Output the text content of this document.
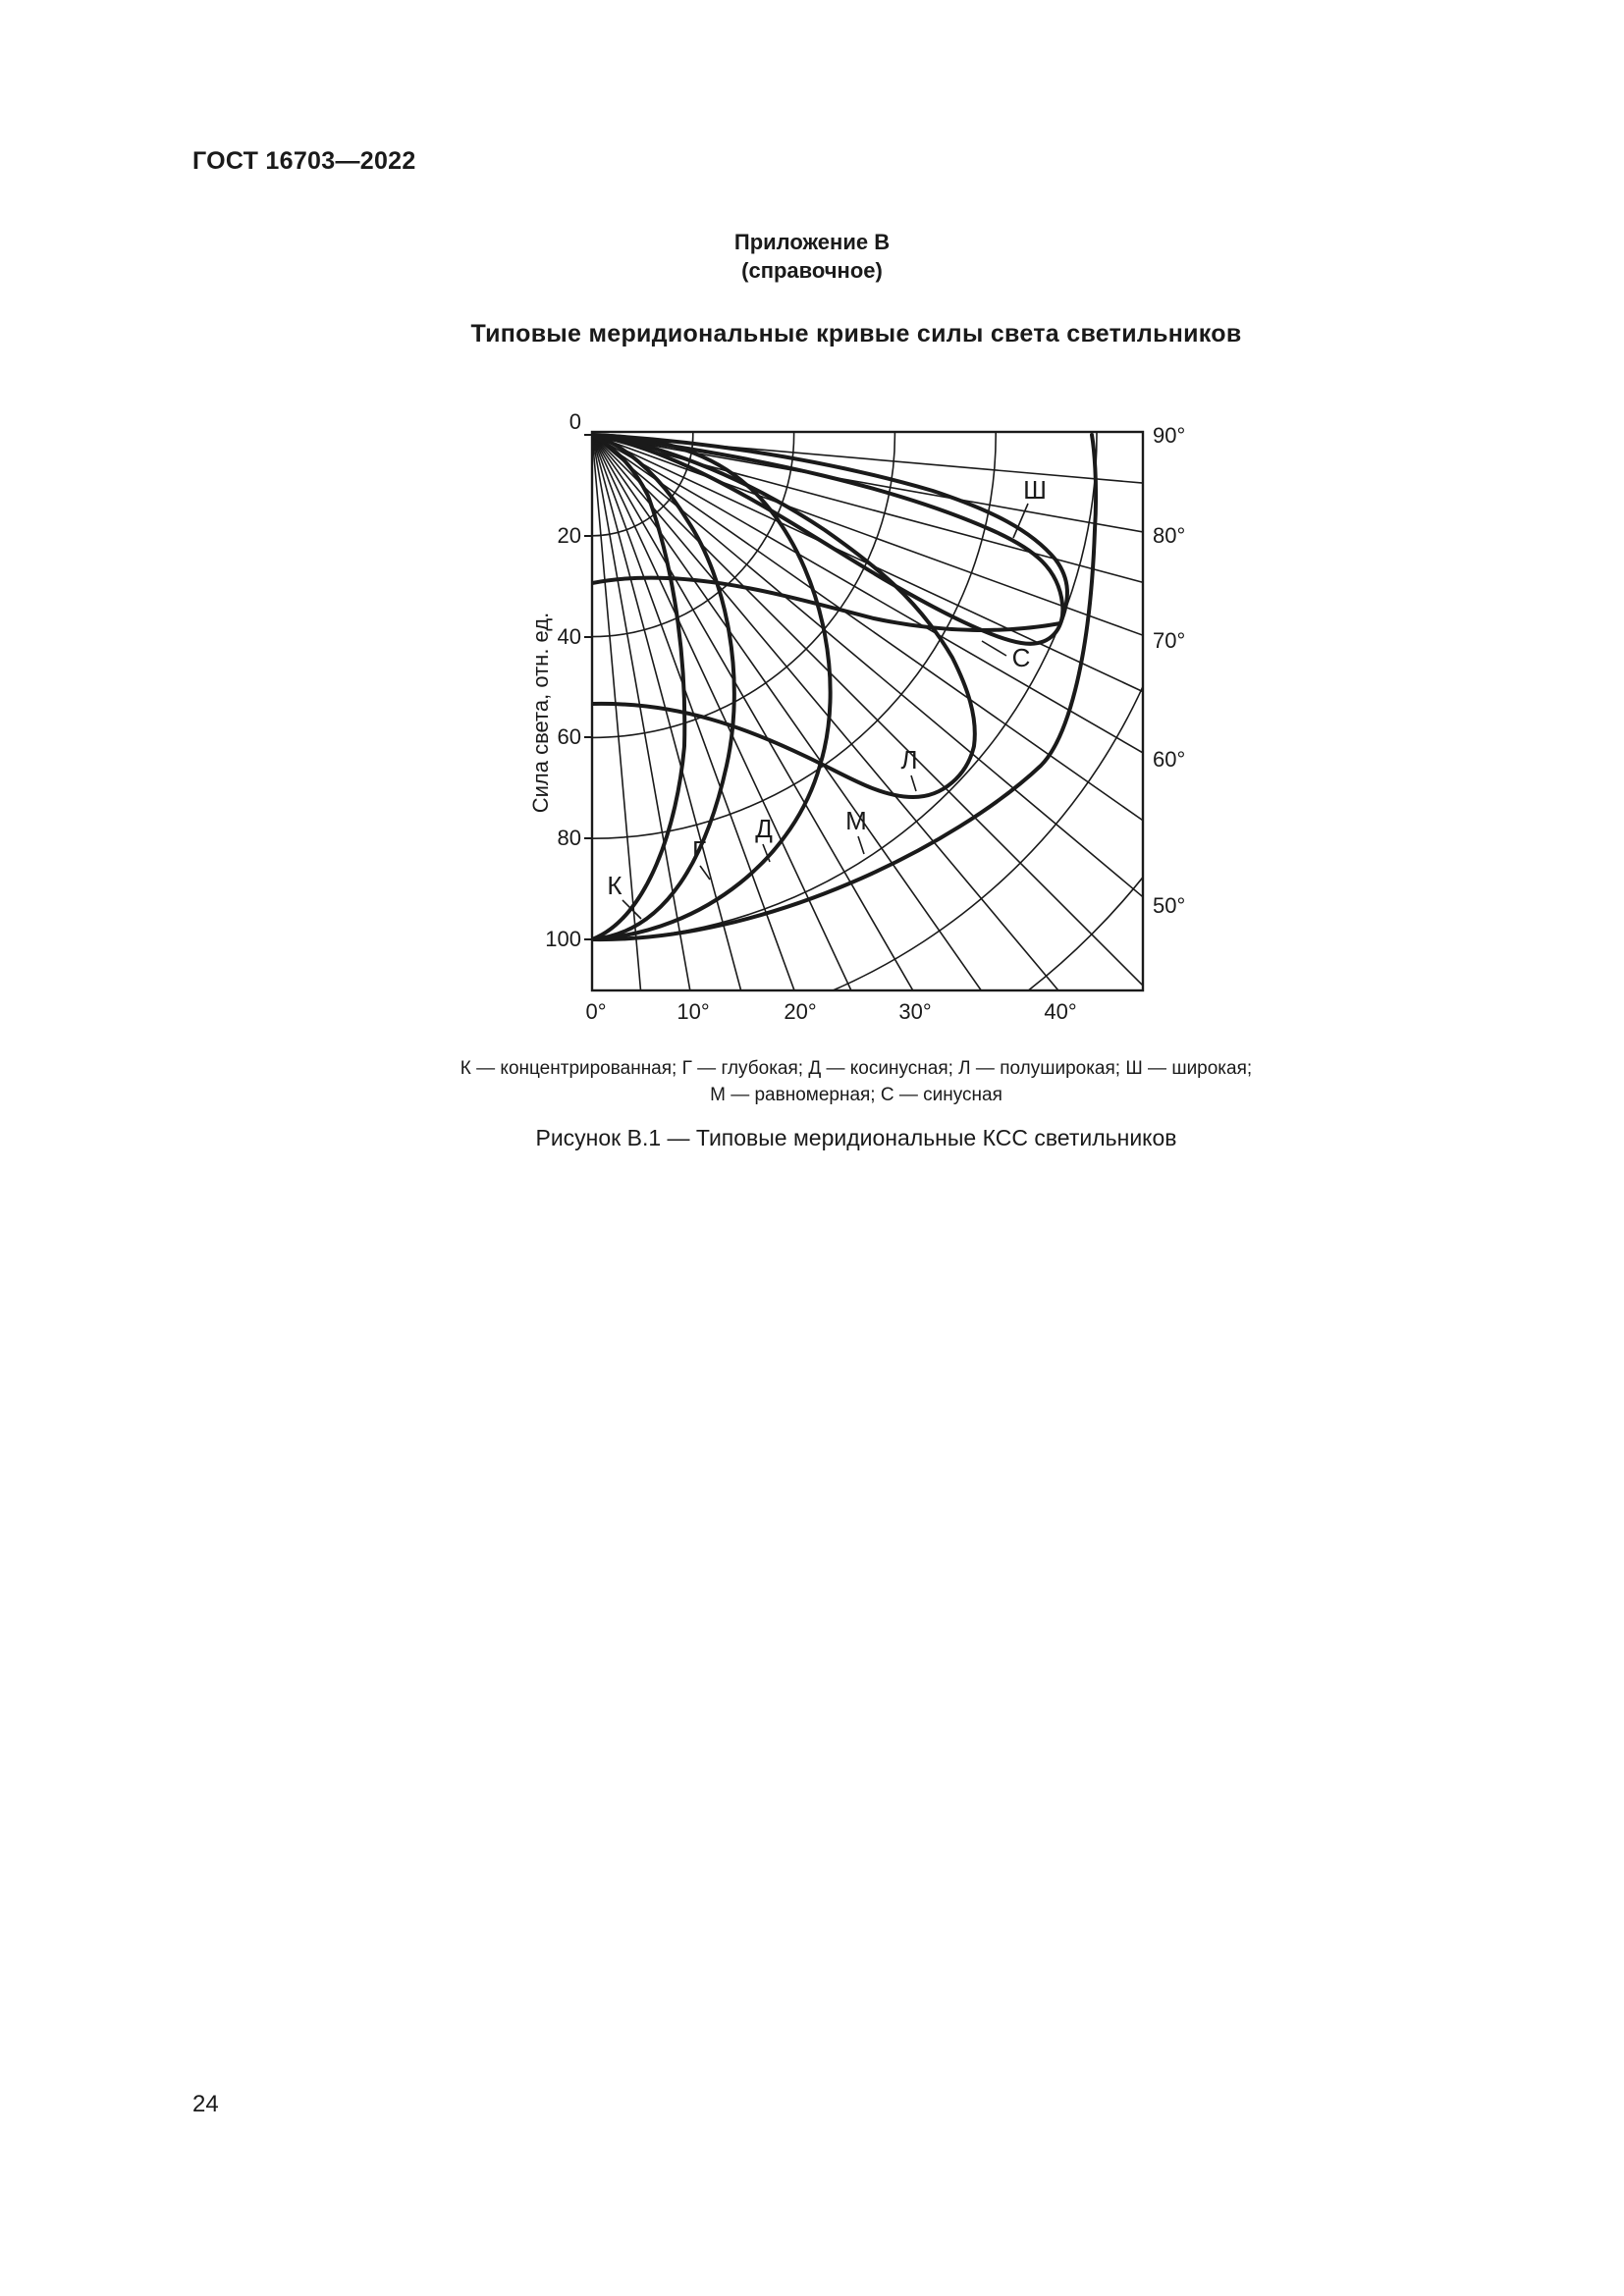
ГОСТ 16703—2022
Приложение В
(справочное)
Типовые меридиональные кривые силы света светильников
0
20
40
60
80
100
Сила света, отн. ед.
0°	10°	20°	30°	40°
90°
80°
70°
60°
50°
Ш
С
Л
М
Д
Г
К
К — концентрированная; Г — глубокая; Д — косинусная; Л — полуширокая; Ш — широкая;
М — равномерная; С — синусная
Рисунок В.1 — Типовые меридиональные КСС светильников
24
